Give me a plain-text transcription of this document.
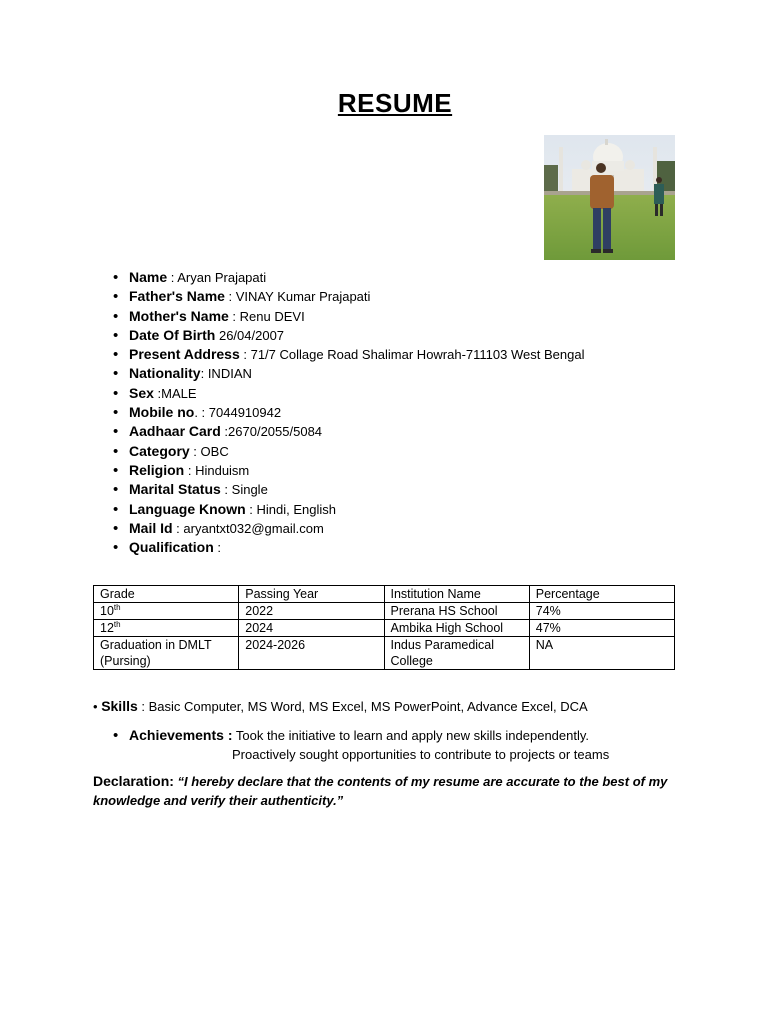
RESUME
• Name : Aryan Prajapati
• Father's Name : VINAY Kumar Prajapati
• Mother's Name : Renu DEVI
• Date Of Birth 26/04/2007
• Present Address : 71/7 Collage Road Shalimar Howrah-711103 West Bengal
• Nationality: INDIAN
• Sex :MALE
• Mobile no. : 7044910942
• Aadhaar Card :2670/2055/5084
• Category : OBC
• Religion : Hinduism
• Marital Status : Single
• Language Known : Hindi, English
• Mail Id : aryantxt032@gmail.com
• Qualification :
Grade	Passing Year	Institution Name	Percentage
10th	2022	Prerana HS School	74%
12th	2024	Ambika High School	47%
Graduation in DMLT (Pursing)	2024-2026	Indus Paramedical College	NA
• Skills : Basic Computer, MS Word, MS Excel, MS PowerPoint, Advance Excel, DCA
• Achievements : Took the initiative to learn and apply new skills independently.
Proactively sought opportunities to contribute to projects or teams
Declaration: “I hereby declare that the contents of my resume are accurate to the best of my knowledge and verify their authenticity.”
